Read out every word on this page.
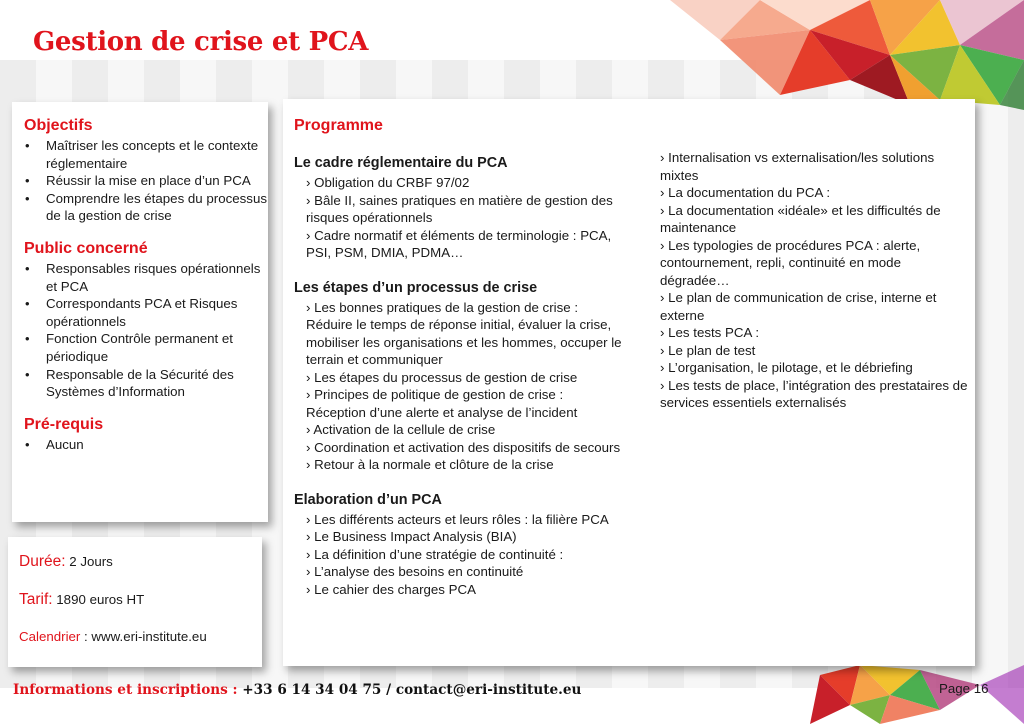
Gestion de crise et PCA
Objectifs
• Maîtriser les concepts et le contexte réglementaire
• Réussir la mise en place d’un PCA
• Comprendre les étapes du processus de la gestion de crise
Public concerné
• Responsables risques opérationnels et PCA
• Correspondants PCA et Risques opérationnels
• Fonction Contrôle permanent et périodique
• Responsable de la Sécurité des Systèmes d’Information
Pré-requis
• Aucun

Durée: 2 Jours

Tarif: 1890 euros HT

Calendrier : www.eri-institute.eu

Programme
Le cadre réglementaire du PCA

› Obligation du CRBF 97/02

› Bâle II, saines pratiques en matière de gestion des risques opérationnels

› Cadre normatif et éléments de terminologie : PCA, PSI, PSM, DMIA, PDMA…

Les étapes d’un processus de crise

› Les bonnes pratiques de la gestion de crise : Réduire le temps de réponse initial, évaluer la crise, mobiliser les organisations et les hommes, occuper le terrain et communiquer

› Les étapes du processus de gestion de crise

› Principes de politique de gestion de crise : Réception d’une alerte et analyse de l’incident

› Activation de la cellule de crise

› Coordination et activation des dispositifs de secours

› Retour à la normale et clôture de la crise

Elaboration d’un PCA

› Les différents acteurs et leurs rôles : la filière PCA

› Le Business Impact Analysis (BIA)

› La définition d’une stratégie de continuité :

› L’analyse des besoins en continuité

› Le cahier des charges PCA

› Internalisation vs externalisation/les solutions mixtes

› La documentation du PCA :

› La documentation «idéale» et les difficultés de maintenance

› Les typologies de procédures PCA : alerte, contournement, repli, continuité en mode dégradée…

› Le plan de communication de crise, interne et externe

› Les tests PCA :

› Le plan de test

› L’organisation, le pilotage, et le débriefing

› Les tests de place, l’intégration des prestataires de services essentiels externalisés

Informations et inscriptions : +33 6 14 34 04 75 / contact@eri-institute.eu	Page 16
